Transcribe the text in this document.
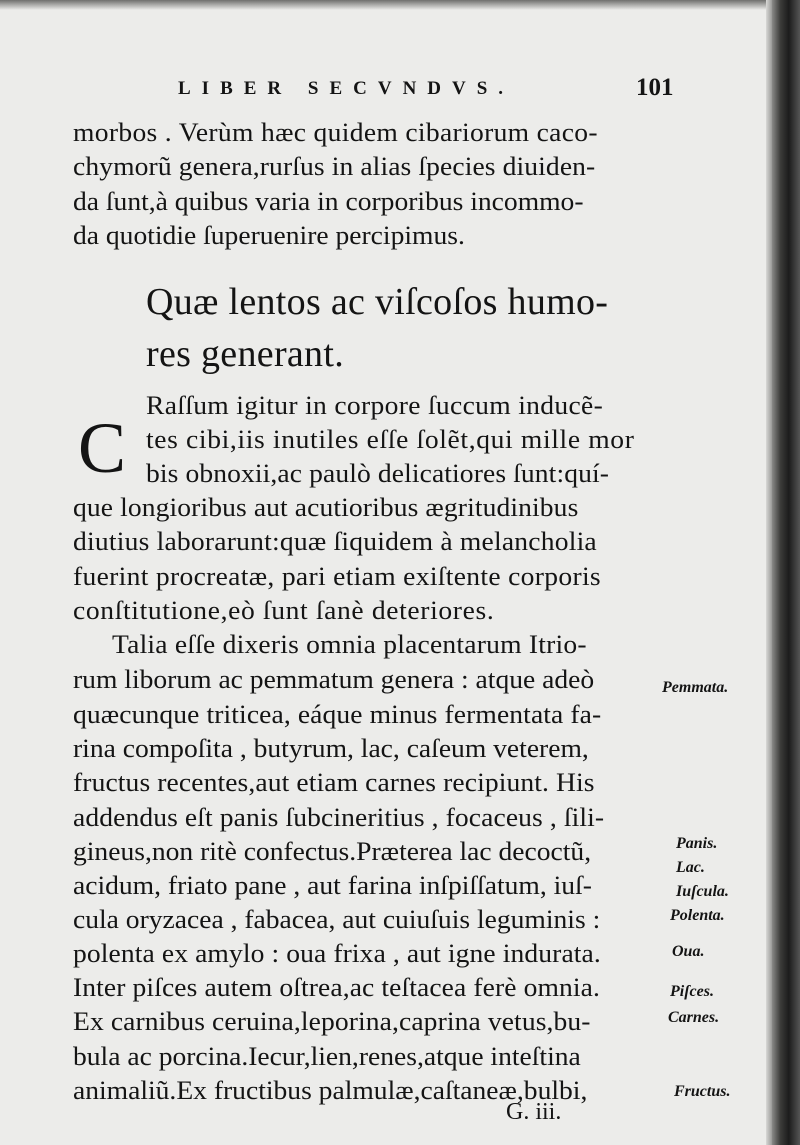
LIBER SECVNDVS.	101
morbos . Verùm hæc quidem cibariorum caco-
chymorũ genera,rurſus in alias ſpecies diuiden-
da ſunt,à quibus varia in corporibus incommo-
da quotidie ſuperuenire percipimus.
Quæ lentos ac viſcoſos humo-
res generant.
C
Raſſum igitur in corpore ſuccum inducẽ-
tes cibi,iis inutiles eſſe ſolẽt,qui mille mor
bis obnoxii,ac paulò delicatiores ſunt:quí-
que longioribus aut acutioribus ægritudinibus
diutius laborarunt:quæ ſiquidem à melancholia
fuerint procreatæ, pari etiam exiſtente corporis
conſtitutione,eò ſunt ſanè deteriores.
Talia eſſe dixeris omnia placentarum Itrio-
rum liborum ac pemmatum genera : atque adeò
quæcunque triticea, eáque minus fermentata fa-
rina compoſita , butyrum, lac, caſeum veterem,
fructus recentes,aut etiam carnes recipiunt. His
addendus eſt panis ſubcineritius , focaceus , ſili-
gineus,non ritè confectus.Præterea lac decoctũ,
acidum, friato pane , aut farina inſpiſſatum, iuſ-
cula oryzacea , fabacea, aut cuiuſuis leguminis :
polenta ex amylo : oua frixa , aut igne indurata.
Inter piſces autem oſtrea,ac teſtacea ferè omnia.
Ex carnibus ceruina,leporina,caprina vetus,bu-
bula ac porcina.Iecur,lien,renes,atque inteſtina
animaliũ.Ex fructibus palmulæ,caſtaneæ,bulbi,
G. iii.
Pemmata.
Panis.
Lac.
Iuſcula.
Polenta.
Oua.
Piſces.
Carnes.
Fructus.
